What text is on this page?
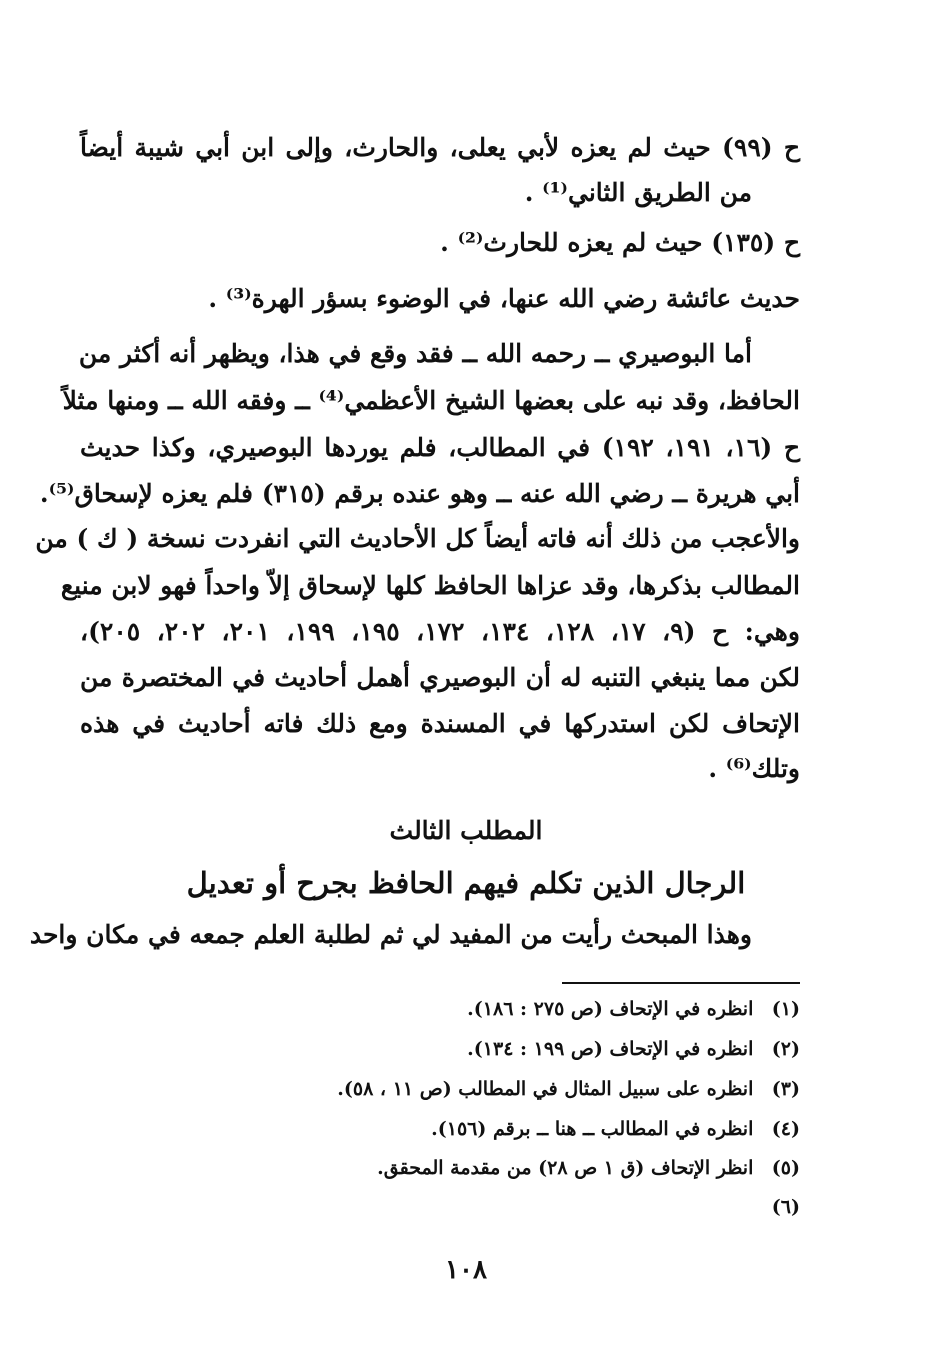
ح (٩٩) حيث لم يعزه لأبي يعلى، والحارث، وإلى ابن أبي شيبة أيضاً
من الطريق الثاني⁽¹⁾ .
ح (١٣٥) حيث لم يعزه للحارث⁽²⁾ .
حديث عائشة رضي الله عنها، في الوضوء بسؤر الهرة⁽³⁾ .
أما البوصيري ــ رحمه الله ــ فقد وقع في هذا، ويظهر أنه أكثر من
الحافظ، وقد نبه على بعضها الشيخ الأعظمي⁽⁴⁾ ــ وفقه الله ــ ومنها مثلاً
ح (١٦، ١٩١، ١٩٢) في المطالب، فلم يوردها البوصيري، وكذا حديث
أبي هريرة ــ رضي الله عنه ــ وهو عنده برقم (٣١٥) فلم يعزه لإسحاق⁽⁵⁾.
والأعجب من ذلك أنه فاته أيضاً كل الأحاديث التي انفردت نسخة ( ك ) من
المطالب بذكرها، وقد عزاها الحافظ كلها لإسحاق إلاّ واحداً فهو لابن منيع
وهي: ح (٩، ١٧، ١٢٨، ١٣٤، ١٧٢، ١٩٥، ١٩٩، ٢٠١، ٢٠٢، ٢٠٥)،
لكن مما ينبغي التنبه له أن البوصيري أهمل أحاديث في المختصرة من
الإتحاف لكن استدركها في المسندة ومع ذلك فاته أحاديث في هذه
وتلك⁽⁶⁾ .
المطلب الثالث
الرجال الذين تكلم فيهم الحافظ بجرح أو تعديل
وهذا المبحث رأيت من المفيد لي ثم لطلبة العلم جمعه في مكان واحد
(١) انظره في الإتحاف (ص ٢٧٥ : ١٨٦).
(٢) انظره في الإتحاف (ص ١٩٩ : ١٣٤).
(٣) انظره على سبيل المثال في المطالب (ص ١١ ، ٥٨).
(٤) انظره في المطالب ــ هنا ــ برقم (١٥٦).
(٥) انظر الإتحاف (ق ١ ص ٢٨) من مقدمة المحقق.
(٦)
١٠٨
